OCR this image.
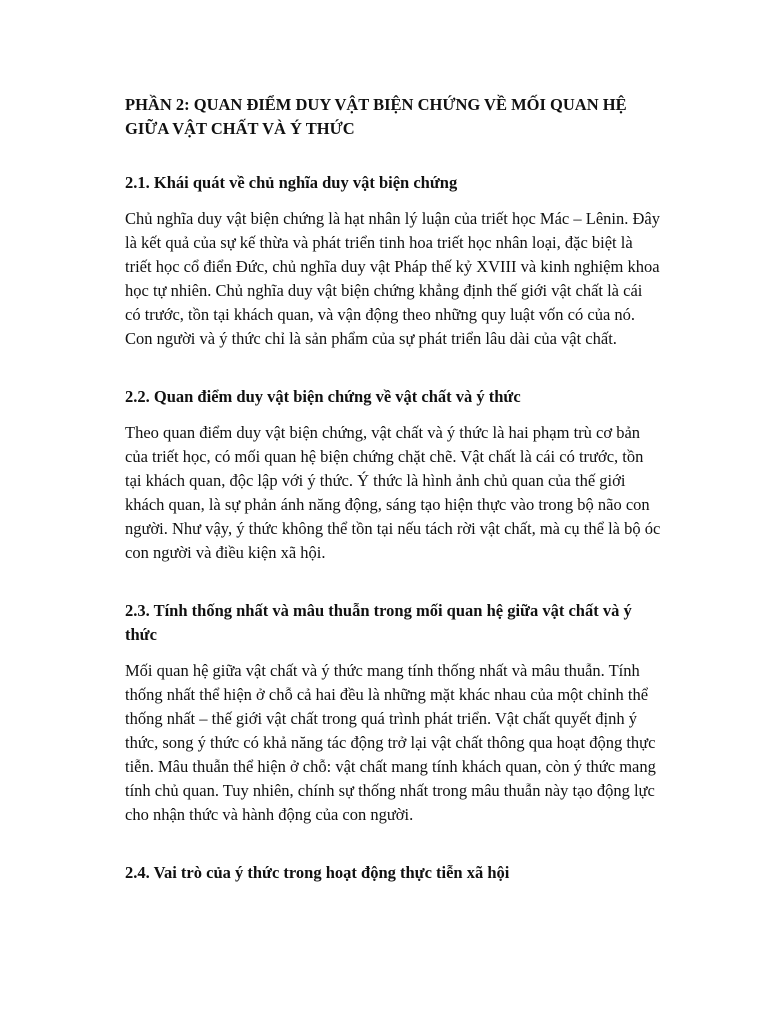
PHẦN 2: QUAN ĐIỂM DUY VẬT BIỆN CHỨNG VỀ MỐI QUAN HỆ
GIỮA VẬT CHẤT VÀ Ý THỨC
2.1. Khái quát về chủ nghĩa duy vật biện chứng
Chủ nghĩa duy vật biện chứng là hạt nhân lý luận của triết học Mác – Lênin. Đây
là kết quả của sự kế thừa và phát triển tinh hoa triết học nhân loại, đặc biệt là
triết học cổ điển Đức, chủ nghĩa duy vật Pháp thế kỷ XVIII và kinh nghiệm khoa
học tự nhiên. Chủ nghĩa duy vật biện chứng khẳng định thế giới vật chất là cái
có trước, tồn tại khách quan, và vận động theo những quy luật vốn có của nó.
Con người và ý thức chỉ là sản phẩm của sự phát triển lâu dài của vật chất.
2.2. Quan điểm duy vật biện chứng về vật chất và ý thức
Theo quan điểm duy vật biện chứng, vật chất và ý thức là hai phạm trù cơ bản
của triết học, có mối quan hệ biện chứng chặt chẽ. Vật chất là cái có trước, tồn
tại khách quan, độc lập với ý thức. Ý thức là hình ảnh chủ quan của thế giới
khách quan, là sự phản ánh năng động, sáng tạo hiện thực vào trong bộ não con
người. Như vậy, ý thức không thể tồn tại nếu tách rời vật chất, mà cụ thể là bộ óc
con người và điều kiện xã hội.
2.3. Tính thống nhất và mâu thuẫn trong mối quan hệ giữa vật chất và ý
thức
Mối quan hệ giữa vật chất và ý thức mang tính thống nhất và mâu thuẫn. Tính
thống nhất thể hiện ở chỗ cả hai đều là những mặt khác nhau của một chỉnh thể
thống nhất – thế giới vật chất trong quá trình phát triển. Vật chất quyết định ý
thức, song ý thức có khả năng tác động trở lại vật chất thông qua hoạt động thực
tiễn. Mâu thuẫn thể hiện ở chỗ: vật chất mang tính khách quan, còn ý thức mang
tính chủ quan. Tuy nhiên, chính sự thống nhất trong mâu thuẫn này tạo động lực
cho nhận thức và hành động của con người.
2.4. Vai trò của ý thức trong hoạt động thực tiễn xã hội
